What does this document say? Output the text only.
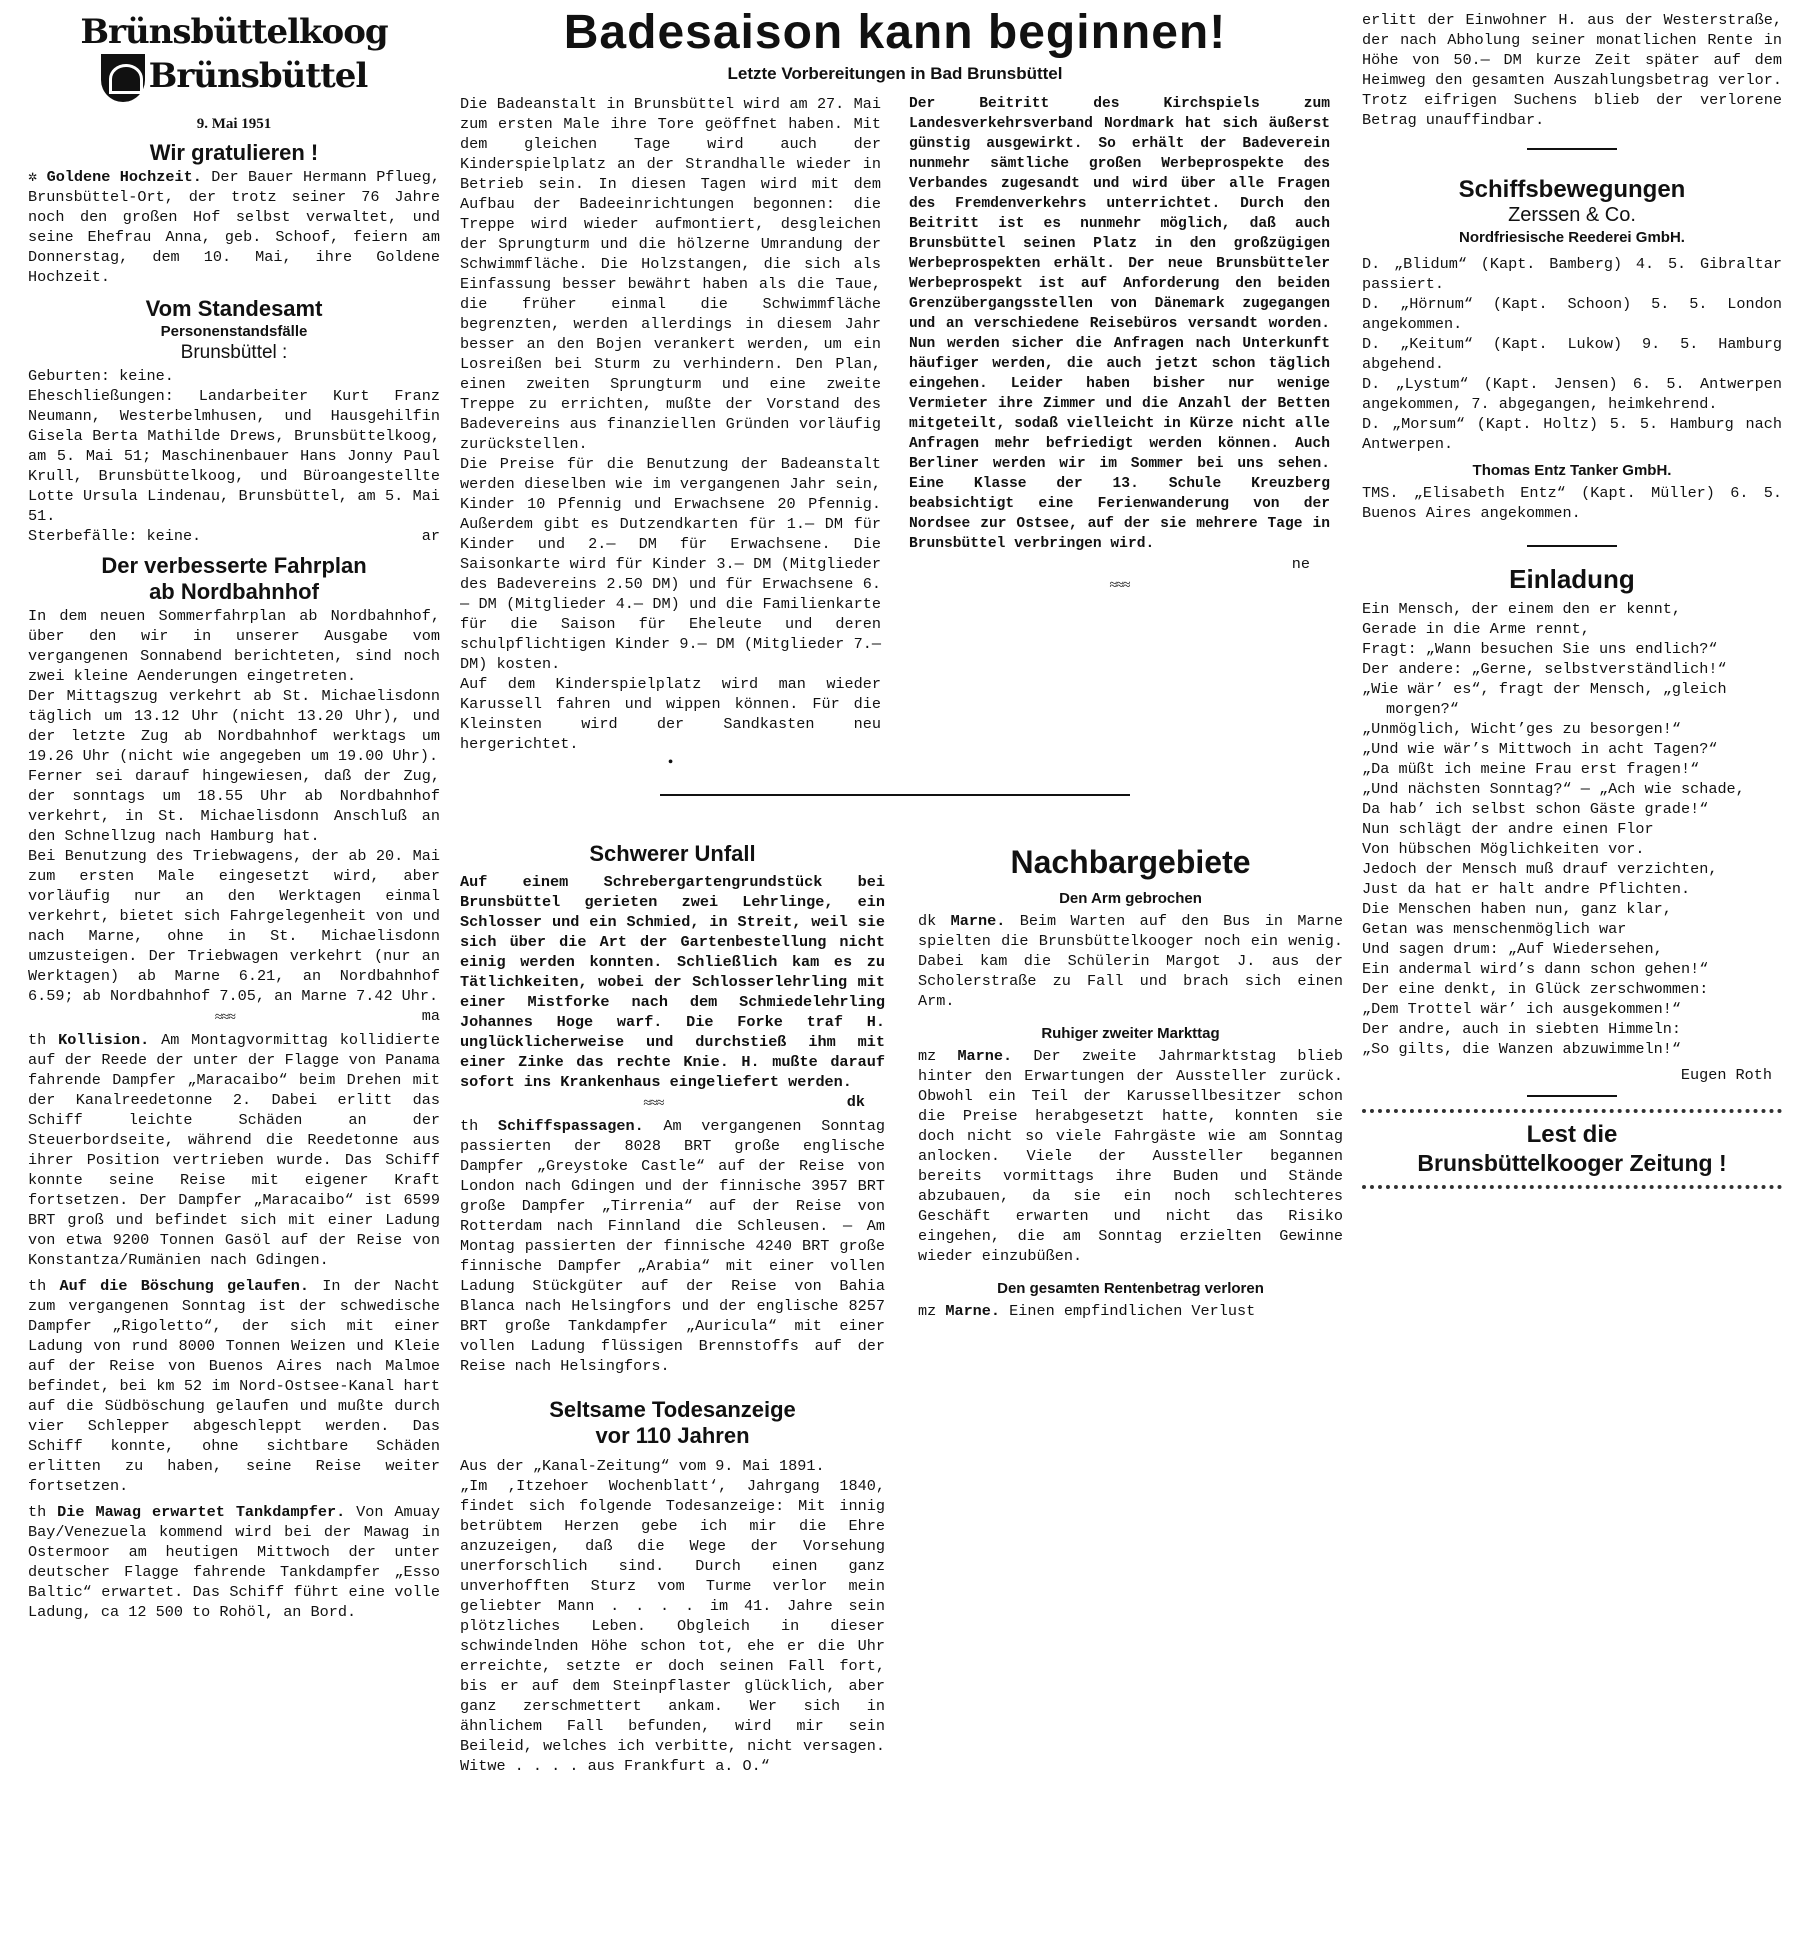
Brünsbüttelkoog
Brünsbüttel
9. Mai 1951
Wir gratulieren !

✲ Goldene Hochzeit. Der Bauer Hermann Pflueg, Brunsbüttel-Ort, der trotz seiner 76 Jahre noch den großen Hof selbst verwaltet, und seine Ehefrau Anna, geb. Schoof, feiern am Donnerstag, dem 10. Mai, ihre Goldene Hochzeit.

Vom Standesamt
Personenstandsfälle
Brunsbüttel :

Geburten: keine.

Eheschließungen: Landarbeiter Kurt Franz Neumann, Westerbelmhusen, und Hausgehilfin Gisela Berta Mathilde Drews, Brunsbüttelkoog, am 5. Mai 51; Maschinenbauer Hans Jonny Paul Krull, Brunsbüttelkoog, und Büroangestellte Lotte Ursula Lindenau, Brunsbüttel, am 5. Mai 51.

Sterbefälle: keine.	ar

Der verbesserte Fahrplan
ab Nordbahnhof

In dem neuen Sommerfahrplan ab Nordbahnhof, über den wir in unserer Ausgabe vom vergangenen Sonnabend berichteten, sind noch zwei kleine Aenderungen eingetreten.

Der Mittagszug verkehrt ab St. Michaelisdonn täglich um 13.12 Uhr (nicht 13.20 Uhr), und der letzte Zug ab Nordbahnhof werktags um 19.26 Uhr (nicht wie angegeben um 19.00 Uhr).

Ferner sei darauf hingewiesen, daß der Zug, der sonntags um 18.55 Uhr ab Nordbahnhof verkehrt, in St. Michaelisdonn Anschluß an den Schnellzug nach Hamburg hat.

Bei Benutzung des Triebwagens, der ab 20. Mai zum ersten Male eingesetzt wird, aber vorläufig nur an den Werktagen einmal verkehrt, bietet sich Fahrgelegenheit von und nach Marne, ohne in St. Michaelisdonn umzusteigen. Der Triebwagen verkehrt (nur an Werktagen) ab Marne 6.21, an Nordbahnhof 6.59; ab Nordbahnhof 7.05, an Marne 7.42 Uhr.
ma

≈≈≈

th Kollision. Am Montagvormittag kollidierte auf der Reede der unter der Flagge von Panama fahrende Dampfer „Maracaibo“ beim Drehen mit der Kanalreedetonne 2. Dabei erlitt das Schiff leichte Schäden an der Steuerbordseite, während die Reedetonne aus ihrer Position vertrieben wurde. Das Schiff konnte seine Reise mit eigener Kraft fortsetzen. Der Dampfer „Maracaibo“ ist 6599 BRT groß und befindet sich mit einer Ladung von etwa 9200 Tonnen Gasöl auf der Reise von Konstantza/Rumänien nach Gdingen.

th Auf die Böschung gelaufen. In der Nacht zum vergangenen Sonntag ist der schwedische Dampfer „Rigoletto“, der sich mit einer Ladung von rund 8000 Tonnen Weizen und Kleie auf der Reise von Buenos Aires nach Malmoe befindet, bei km 52 im Nord-Ostsee-Kanal hart auf die Südböschung gelaufen und mußte durch vier Schlepper abgeschleppt werden. Das Schiff konnte, ohne sichtbare Schäden erlitten zu haben, seine Reise weiter fortsetzen.

th Die Mawag erwartet Tankdampfer. Von Amuay Bay/Venezuela kommend wird bei der Mawag in Ostermoor am heutigen Mittwoch der unter deutscher Flagge fahrende Tankdampfer „Esso Baltic“ erwartet. Das Schiff führt eine volle Ladung, ca 12 500 to Rohöl, an Bord.

Badesaison kann beginnen!
Letzte Vorbereitungen in Bad Brunsbüttel

Die Badeanstalt in Brunsbüttel wird am 27. Mai zum ersten Male ihre Tore geöffnet haben. Mit dem gleichen Tage wird auch der Kinderspielplatz an der Strandhalle wieder in Betrieb sein. In diesen Tagen wird mit dem Aufbau der Badeeinrichtungen begonnen: die Treppe wird wieder aufmontiert, desgleichen der Sprungturm und die hölzerne Umrandung der Schwimmfläche. Die Holzstangen, die sich als Einfassung besser bewährt haben als die Taue, die früher einmal die Schwimmfläche begrenzten, werden allerdings in diesem Jahr besser an den Bojen verankert werden, um ein Losreißen bei Sturm zu verhindern. Den Plan, einen zweiten Sprungturm und eine zweite Treppe zu errichten, mußte der Vorstand des Badevereins aus finanziellen Gründen vorläufig zurückstellen.

Die Preise für die Benutzung der Badeanstalt werden dieselben wie im vergangenen Jahr sein, Kinder 10 Pfennig und Erwachsene 20 Pfennig. Außerdem gibt es Dutzendkarten für 1.— DM für Kinder und 2.— DM für Erwachsene. Die Saisonkarte wird für Kinder 3.— DM (Mitglieder des Badevereins 2.50 DM) und für Erwachsene 6.— DM (Mitglieder 4.— DM) und die Familienkarte für die Saison für Eheleute und deren schulpflichtigen Kinder 9.— DM (Mitglieder 7.— DM) kosten.

Auf dem Kinderspielplatz wird man wieder Karussell fahren und wippen können. Für die Kleinsten wird der Sandkasten neu hergerichtet.

•

Der Beitritt des Kirchspiels zum Landesverkehrsverband Nordmark hat sich äußerst günstig ausgewirkt. So erhält der Badeverein nunmehr sämtliche großen Werbeprospekte des Verbandes zugesandt und wird über alle Fragen des Fremdenverkehrs unterrichtet. Durch den Beitritt ist es nunmehr möglich, daß auch Brunsbüttel seinen Platz in den großzügigen Werbeprospekten erhält. Der neue Brunsbütteler Werbeprospekt ist auf Anforderung den beiden Grenzübergangsstellen von Dänemark zugegangen und an verschiedene Reisebüros versandt worden. Nun werden sicher die Anfragen nach Unterkunft häufiger werden, die auch jetzt schon täglich eingehen. Leider haben bisher nur wenige Vermieter ihre Zimmer und die Anzahl der Betten mitgeteilt, sodaß vielleicht in Kürze nicht alle Anfragen mehr befriedigt werden können. Auch Berliner werden wir im Sommer bei uns sehen. Eine Klasse der 13. Schule Kreuzberg beabsichtigt eine Ferienwanderung von der Nordsee zur Ostsee, auf der sie mehrere Tage in Brunsbüttel verbringen wird.

ne

≈≈≈
Schwerer Unfall

Auf einem Schrebergartengrundstück bei Brunsbüttel gerieten zwei Lehrlinge, ein Schlosser und ein Schmied, in Streit, weil sie sich über die Art der Gartenbestellung nicht einig werden konnten. Schließlich kam es zu Tätlichkeiten, wobei der Schlosserlehrling mit einer Mistforke nach dem Schmiedelehrling Johannes Hoge warf. Die Forke traf H. unglücklicherweise und durchstieß ihm mit einer Zinke das rechte Knie. H. mußte darauf sofort ins Krankenhaus eingeliefert werden.
dk

≈≈≈

th Schiffspassagen. Am vergangenen Sonntag passierten der 8028 BRT große englische Dampfer „Greystoke Castle“ auf der Reise von London nach Gdingen und der finnische 3957 BRT große Dampfer „Tirrenia“ auf der Reise von Rotterdam nach Finnland die Schleusen. — Am Montag passierten der finnische 4240 BRT große finnische Dampfer „Arabia“ mit einer vollen Ladung Stückgüter auf der Reise von Bahia Blanca nach Helsingfors und der englische 8257 BRT große Tankdampfer „Auricula“ mit einer vollen Ladung flüssigen Brennstoffs auf der Reise nach Helsingfors.

Seltsame Todesanzeige
vor 110 Jahren

Aus der „Kanal-Zeitung“ vom 9. Mai 1891.

„Im ‚Itzehoer Wochenblatt‘, Jahrgang 1840, findet sich folgende Todesanzeige: Mit innig betrübtem Herzen gebe ich mir die Ehre anzuzeigen, daß die Wege der Vorsehung unerforschlich sind. Durch einen ganz unverhofften Sturz vom Turme verlor mein geliebter Mann . . . . im 41. Jahre sein plötzliches Leben. Obgleich in dieser schwindelnden Höhe schon tot, ehe er die Uhr erreichte, setzte er doch seinen Fall fort, bis er auf dem Steinpflaster glücklich, aber ganz zerschmettert ankam. Wer sich in ähnlichem Fall befunden, wird mir sein Beileid, welches ich verbitte, nicht versagen. Witwe . . . . aus Frankfurt a. O.“

Nachbargebiete
Den Arm gebrochen

dk Marne. Beim Warten auf den Bus in Marne spielten die Brunsbüttelkooger noch ein wenig. Dabei kam die Schülerin Margot J. aus der Scholerstraße zu Fall und brach sich einen Arm.

Ruhiger zweiter Markttag

mz Marne. Der zweite Jahrmarktstag blieb hinter den Erwartungen der Aussteller zurück. Obwohl ein Teil der Karussellbesitzer schon die Preise herabgesetzt hatte, konnten sie doch nicht so viele Fahrgäste wie am Sonntag anlocken. Viele der Aussteller begannen bereits vormittags ihre Buden und Stände abzubauen, da sie ein noch schlechteres Geschäft erwarten und nicht das Risiko eingehen, die am Sonntag erzielten Gewinne wieder einzubüßen.

Den gesamten Rentenbetrag verloren

mz Marne. Einen empfindlichen Verlust

erlitt der Einwohner H. aus der Westerstraße, der nach Abholung seiner monatlichen Rente in Höhe von 50.— DM kurze Zeit später auf dem Heimweg den gesamten Auszahlungsbetrag verlor. Trotz eifrigen Suchens blieb der verlorene Betrag unauffindbar.

Schiffsbewegungen
Zerssen & Co.
Nordfriesische Reederei GmbH.

D. „Blidum“ (Kapt. Bamberg) 4. 5. Gibraltar passiert.

D. „Hörnum“ (Kapt. Schoon) 5. 5. London angekommen.

D. „Keitum“ (Kapt. Lukow) 9. 5. Hamburg abgehend.

D. „Lystum“ (Kapt. Jensen) 6. 5. Antwerpen angekommen, 7. abgegangen, heimkehrend.

D. „Morsum“ (Kapt. Holtz) 5. 5. Hamburg nach Antwerpen.

Thomas Entz Tanker GmbH.

TMS. „Elisabeth Entz“ (Kapt. Müller) 6. 5. Buenos Aires angekommen.

Einladung
Ein Mensch, der einem den er kennt,
Gerade in die Arme rennt,
Fragt: „Wann besuchen Sie uns endlich?“
Der andere: „Gerne, selbstverständlich!“
„Wie wär’ es“, fragt der Mensch, „gleich
morgen?“
„Unmöglich, Wicht’ges zu besorgen!“
„Und wie wär’s Mittwoch in acht Tagen?“
„Da müßt ich meine Frau erst fragen!“
„Und nächsten Sonntag?“ — „Ach wie schade,
Da hab’ ich selbst schon Gäste grade!“
Nun schlägt der andre einen Flor
Von hübschen Möglichkeiten vor.
Jedoch der Mensch muß drauf verzichten,
Just da hat er halt andre Pflichten.
Die Menschen haben nun, ganz klar,
Getan was menschenmöglich war
Und sagen drum: „Auf Wiedersehen,
Ein andermal wird’s dann schon gehen!“
Der eine denkt, in Glück zerschwommen:
„Dem Trottel wär’ ich ausgekommen!“
Der andre, auch in siebten Himmeln:
„So gilts, die Wanzen abzuwimmeln!“
Eugen Roth
Lest die
Brunsbüttelkooger Zeitung !
